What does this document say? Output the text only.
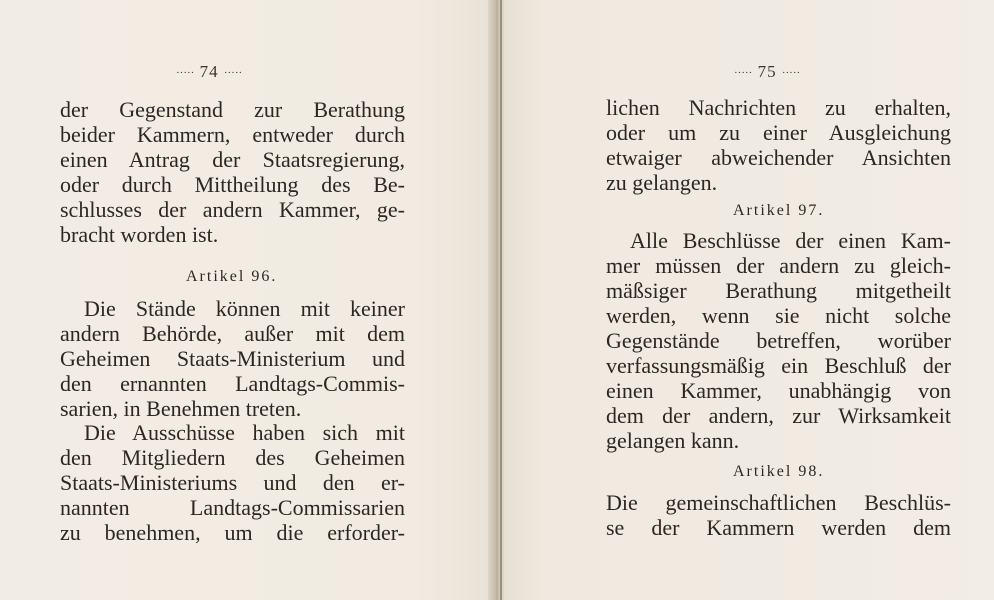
····· 74 ·····
der Gegenstand zur Berathung
beider Kammern, entweder durch
einen Antrag der Staatsregierung,
oder durch Mittheilung des Be-
schlusses der andern Kammer, ge-
bracht worden ist.
Artikel 96.
Die Stände können mit keiner
andern Behörde, außer mit dem
Geheimen Staats-Ministerium und
den ernannten Landtags-Commis-
sarien, in Benehmen treten.
Die Ausschüsse haben sich mit
den Mitgliedern des Geheimen
Staats-Ministeriums und den er-
nannten Landtags-Commissarien
zu benehmen, um die erforder-
····· 75 ·····
lichen Nachrichten zu erhalten,
oder um zu einer Ausgleichung
etwaiger abweichender Ansichten
zu gelangen.
Artikel 97.
Alle Beschlüsse der einen Kam-
mer müssen der andern zu gleich-
mäßsiger Berathung mitgetheilt
werden, wenn sie nicht solche
Gegenstände betreffen, worüber
verfassungsmäßig ein Beschluß der
einen Kammer, unabhängig von
dem der andern, zur Wirksamkeit
gelangen kann.
Artikel 98.
Die gemeinschaftlichen Beschlüs-
se der Kammern werden dem
